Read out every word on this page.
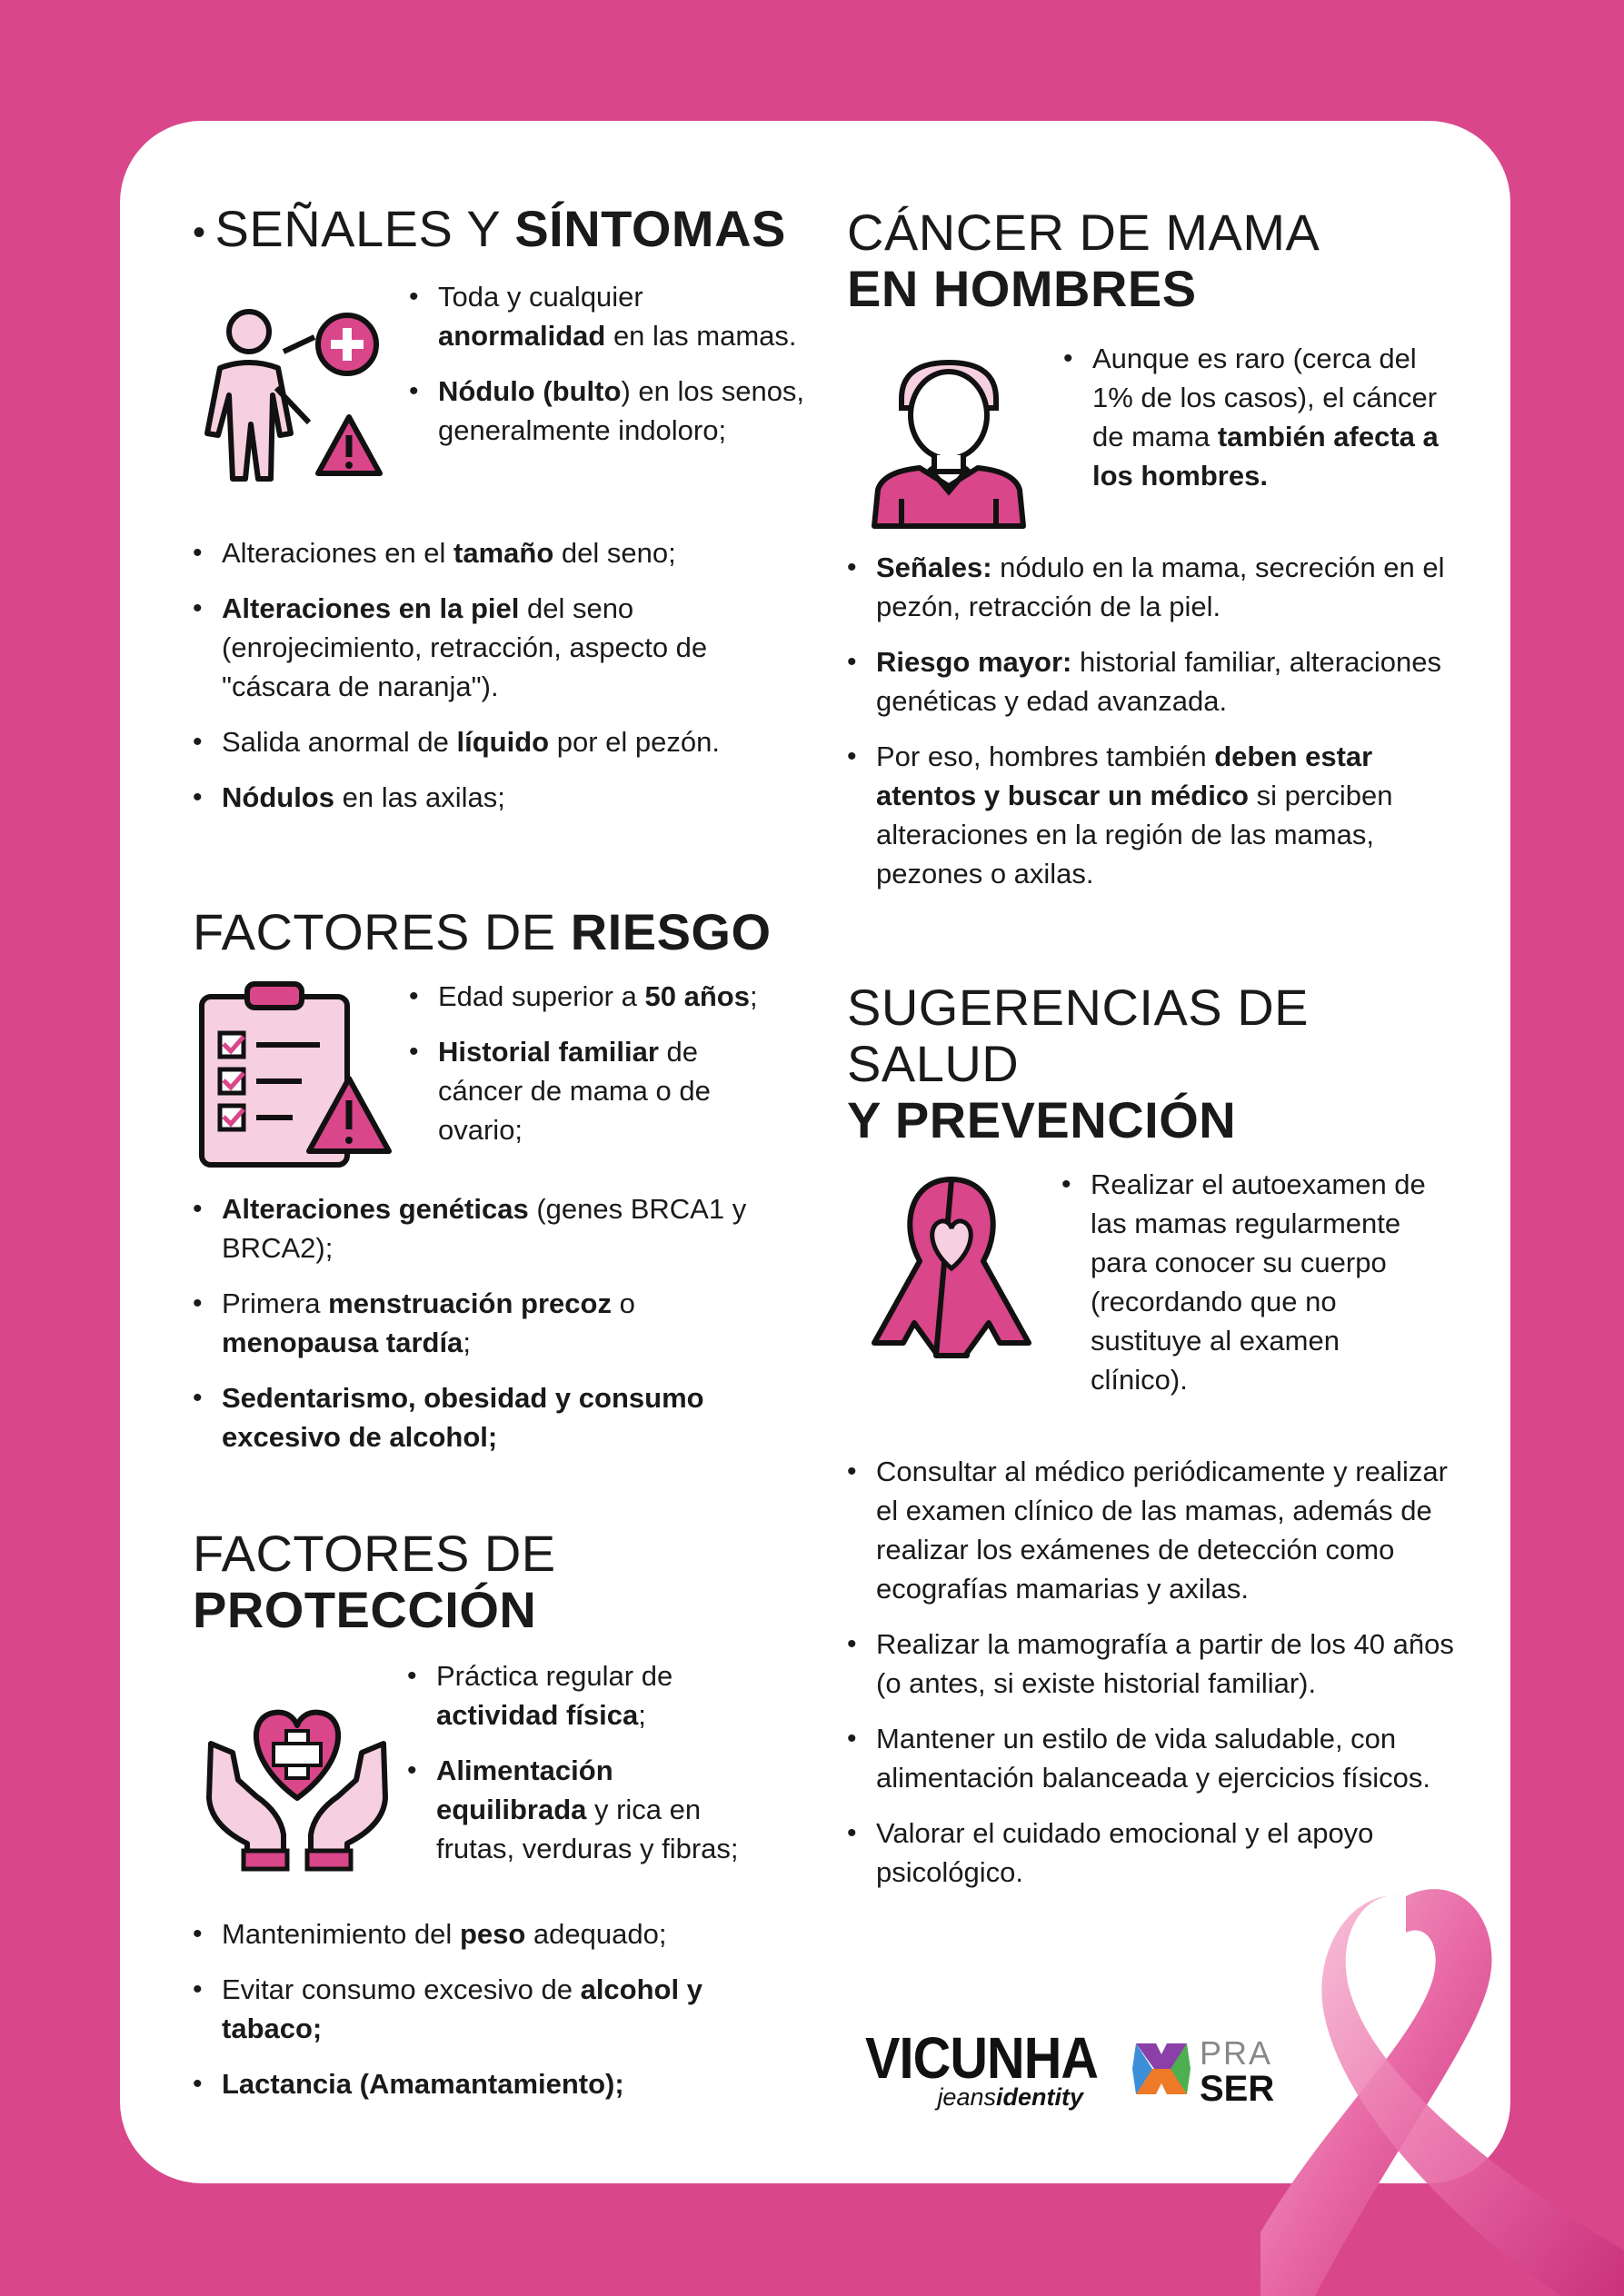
• SEÑALES Y SÍNTOMAS
• Toda y cualquier anormalidad en las mamas.
• Nódulo (bulto) en los senos, generalmente indoloro;
• Alteraciones en el tamaño del seno;
• Alteraciones en la piel del seno (enrojecimiento, retracción, aspecto de "cáscara de naranja").
• Salida anormal de líquido por el pezón.
• Nódulos en las axilas;
FACTORES DE RIESGO
• Edad superior a 50 años;
• Historial familiar de cáncer de mama o de ovario;
• Alteraciones genéticas (genes BRCA1 y BRCA2);
• Primera menstruación precoz o menopausa tardía;
• Sedentarismo, obesidad y consumo excesivo de alcohol;
FACTORES DE
PROTECCIÓN
• Práctica regular de actividad física;
• Alimentación equilibrada y rica en frutas, verduras y fibras;
• Mantenimiento del peso adequado;
• Evitar consumo excesivo de alcohol y tabaco;
• Lactancia (Amamantamiento);
CÁNCER DE MAMA
EN HOMBRES
• Aunque es raro (cerca del 1% de los casos), el cáncer de mama también afecta a los hombres.
• Señales: nódulo en la mama, secreción en el pezón, retracción de la piel.
• Riesgo mayor: historial familiar, alteraciones genéticas y edad avanzada.
• Por eso, hombres también deben estar atentos y buscar un médico si perciben alteraciones en la región de las mamas, pezones o axilas.
SUGERENCIAS DE SALUD
Y PREVENCIÓN
• Realizar el autoexamen de las mamas regularmente para conocer su cuerpo (recordando que no sustituye al examen clínico).
• Consultar al médico periódicamente y realizar el examen clínico de las mamas, además de realizar los exámenes de detección como ecografías mamarias y axilas.
• Realizar la mamografía a partir de los 40 años (o antes, si existe historial familiar).
• Mantener un estilo de vida saludable, con alimentación balanceada y ejercicios físicos.
• Valorar el cuidado emocional y el apoyo psicológico.
VICUNHA
jeansidentity
PRA
SER
